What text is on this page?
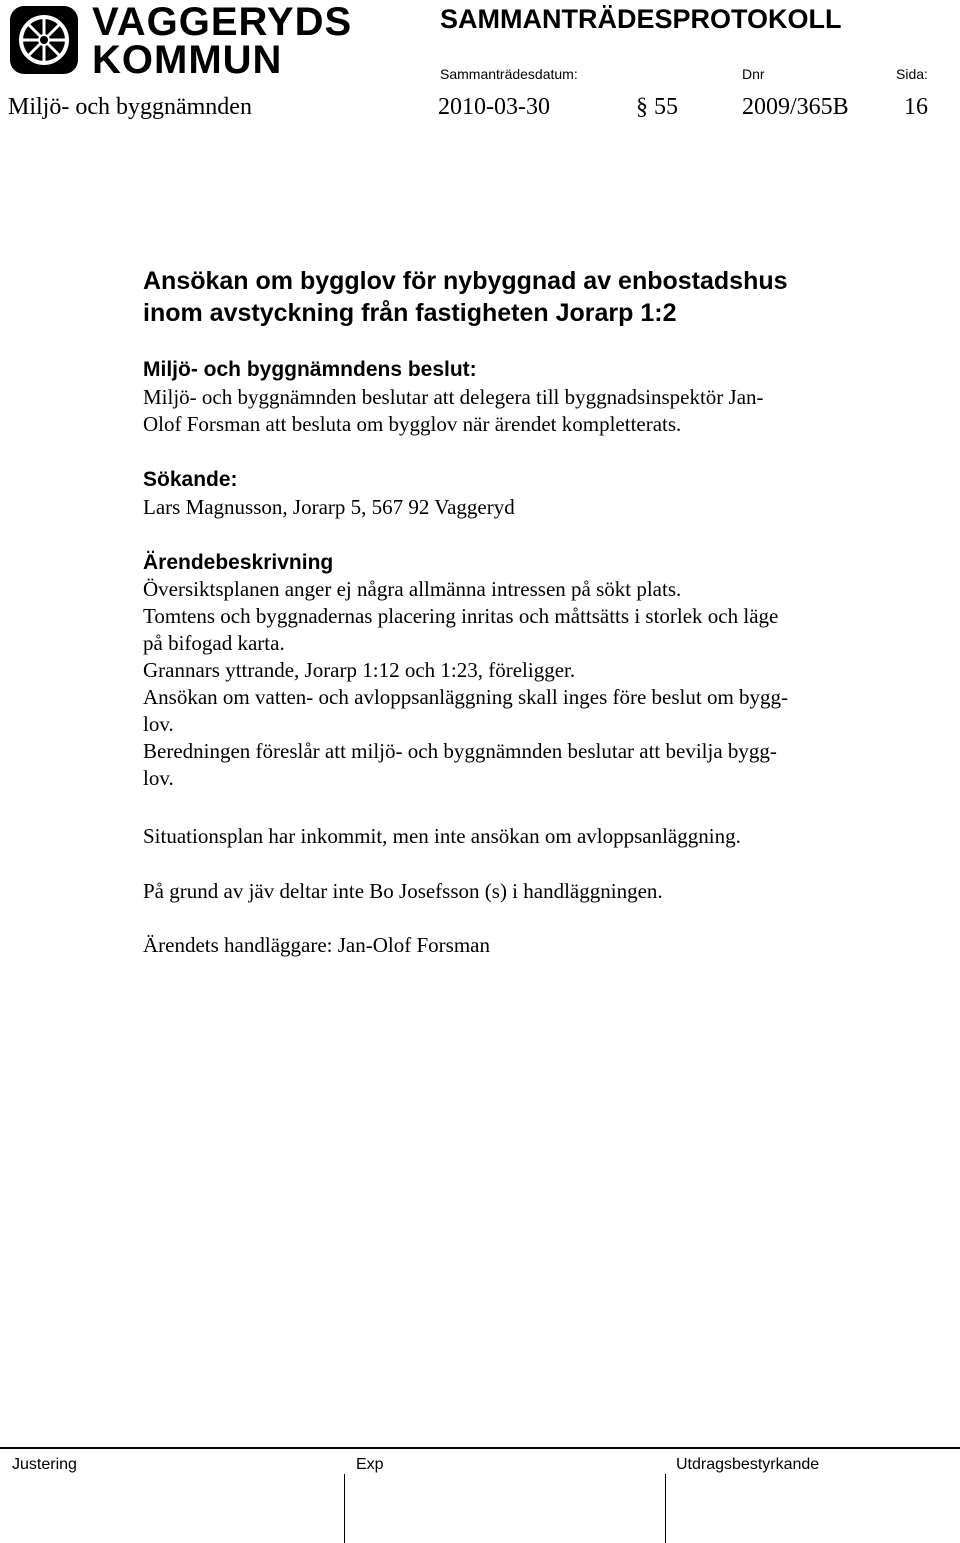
VAGGERYDS
KOMMUN
SAMMANTRÄDESPROTOKOLL
Sammanträdesdatum:	Dnr	Sida:
Miljö- och byggnämnden	2010-03-30	§ 55	2009/365B 16
Ansökan om bygglov för nybyggnad av enbostadshus
inom avstyckning från fastigheten Jorarp 1:2
Miljö- och byggnämndens beslut:
Miljö- och byggnämnden beslutar att delegera till byggnadsinspektör Jan-
Olof Forsman att besluta om bygglov när ärendet kompletterats.
Sökande:
Lars Magnusson, Jorarp 5, 567 92 Vaggeryd
Ärendebeskrivning
Översiktsplanen anger ej några allmänna intressen på sökt plats.
Tomtens och byggnadernas placering inritas och måttsätts i storlek och läge
på bifogad karta.
Grannars yttrande, Jorarp 1:12 och 1:23, föreligger.
Ansökan om vatten- och avloppsanläggning skall inges före beslut om bygg-
lov.
Beredningen föreslår att miljö- och byggnämnden beslutar att bevilja bygg-
lov.
Situationsplan har inkommit, men inte ansökan om avloppsanläggning.
På grund av jäv deltar inte Bo Josefsson (s) i handläggningen.
Ärendets handläggare: Jan-Olof Forsman
Justering	Exp	Utdragsbestyrkande
